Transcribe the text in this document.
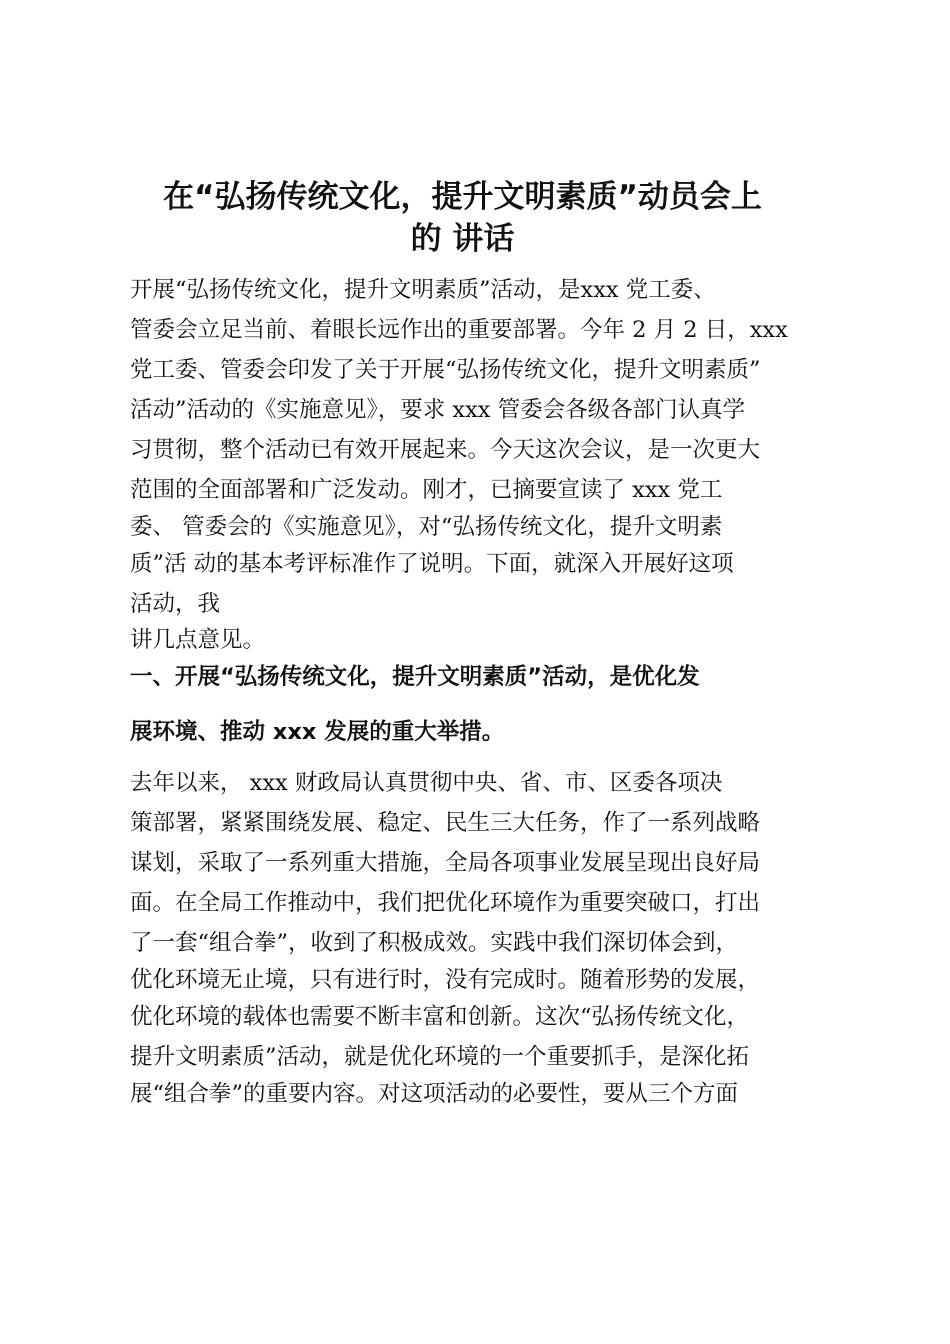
在“弘扬传统文化，提升文明素质”动员会上
的 讲话
开展“弘扬传统文化，提升文明素质”活动，是xxx 党工委、
管委会立足当前、着眼长远作出的重要部署。今年 2 月 2 日，xxx
党工委、管委会印发了关于开展“弘扬传统文化，提升文明素质”
活动”活动的《实施意见》，要求 xxx 管委会各级各部门认真学
习贯彻，整个活动已有效开展起来。今天这次会议，是一次更大
范围的全面部署和广泛发动。刚才，已摘要宣读了 xxx 党工
委、 管委会的《实施意见》，对“弘扬传统文化，提升文明素
质”活 动的基本考评标准作了说明。下面，就深入开展好这项
活动，我
讲几点意见。
一、开展“弘扬传统文化，提升文明素质”活动，是优化发
展环境、推动 xxx 发展的重大举措。
去年以来， xxx 财政局认真贯彻中央、省、市、区委各项决
策部署，紧紧围绕发展、稳定、民生三大任务，作了一系列战略
谋划，采取了一系列重大措施，全局各项事业发展呈现出良好局
面。在全局工作推动中，我们把优化环境作为重要突破口，打出
了一套“组合拳”，收到了积极成效。实践中我们深切体会到，
优化环境无止境，只有进行时，没有完成时。随着形势的发展，
优化环境的载体也需要不断丰富和创新。这次“弘扬传统文化，
提升文明素质”活动，就是优化环境的一个重要抓手，是深化拓
展“组合拳”的重要内容。对这项活动的必要性，要从三个方面
